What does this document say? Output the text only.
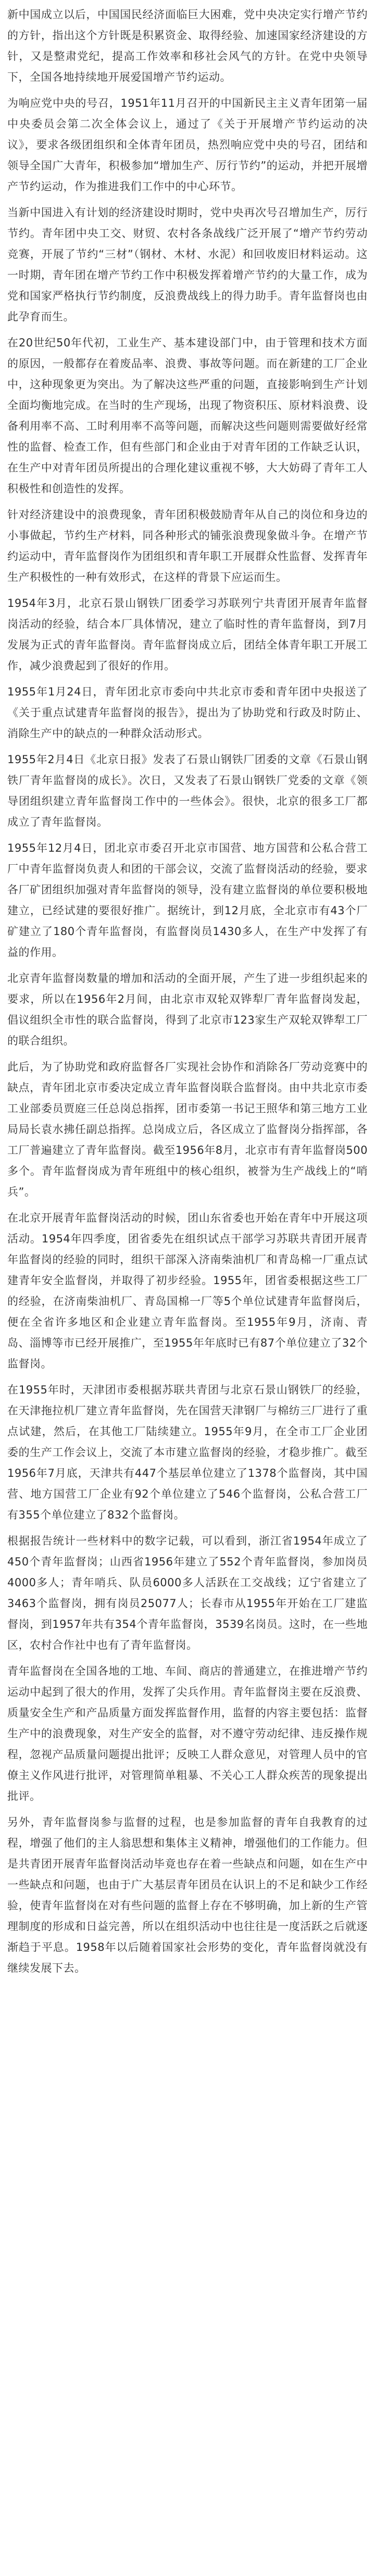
新中国成立以后，中国国民经济面临巨大困难，党中央决定实行增产节约的方针，指出这个方针既是积累资金、取得经验、加速国家经济建设的方针，又是整肃党纪，提高工作效率和移社会风气的方针。在党中央领导下，全国各地持续地开展爱国增产节约运动。

为响应党中央的号召，1951年11月召开的中国新民主主义青年团第一届中央委员会第二次全体会议上，通过了《关于开展增产节约运动的决议》，要求各级团组织和全体青年团员，热烈响应党中央的号召，团结和领导全国广大青年，积极参加“增加生产、厉行节约”的运动，并把开展增产节约运动，作为推进我们工作中的中心环节。

当新中国进入有计划的经济建设时期时，党中央再次号召增加生产，厉行节约。青年团中央工交、财贸、农村各条战线广泛开展了“增产节约劳动竞赛，开展了节约“三材”（钢材、木材、水泥）和回收废旧材料运动。这一时期，青年团在增产节约工作中积极发挥着增产节约的大量工作，成为党和国家严格执行节约制度，反浪费战线上的得力助手。青年监督岗也由此孕育而生。

在20世纪50年代初，工业生产、基本建设部门中，由于管理和技术方面的原因，一般都存在着废品率、浪费、事故等问题。而在新建的工厂企业中，这种现象更为突出。为了解决这些严重的问题，直接影响到生产计划全面均衡地完成。在当时的生产现场，出现了物资积压、原材料浪费、设备利用率不高、工时利用率不高等问题，而解决这些问题则需要做好经常性的监督、检查工作，但有些部门和企业由于对青年团的工作缺乏认识，在生产中对青年团员所提出的合理化建议重视不够，大大妨碍了青年工人积极性和创造性的发挥。

针对经济建设中的浪费现象，青年团积极鼓励青年从自己的岗位和身边的小事做起，节约生产材料，同各种形式的铺张浪费现象做斗争。在增产节约运动中，青年监督岗作为团组织和青年职工开展群众性监督、发挥青年生产积极性的一种有效形式，在这样的背景下应运而生。

1954年3月，北京石景山钢铁厂团委学习苏联列宁共青团开展青年监督岗活动的经验，结合本厂具体情况，建立了临时性的青年监督岗，到7月发展为正式的青年监督岗。青年监督岗成立后，团结全体青年职工开展工作，减少浪费起到了很好的作用。

1955年1月24日，青年团北京市委向中共北京市委和青年团中央报送了《关于重点试建青年监督岗的报告》，提出为了协助党和行政及时防止、消除生产中的缺点的一种群众活动形式。

1955年2月4日《北京日报》发表了石景山钢铁厂团委的文章《石景山钢铁厂青年监督岗的成长》。次日，又发表了石景山钢铁厂党委的文章《领导团组织建立青年监督岗工作中的一些体会》。很快，北京的很多工厂都成立了青年监督岗。

1955年12月4日，团北京市委召开北京市国营、地方国营和公私合营工厂中青年监督岗负责人和团的干部会议，交流了监督岗活动的经验，要求各厂矿团组织加强对青年监督岗的领导，没有建立监督岗的单位要积极地建立，已经试建的要很好推广。据统计，到12月底，全北京市有43个厂矿建立了180个青年监督岗，有监督岗员1430多人，在生产中发挥了有益的作用。

北京青年监督岗数量的增加和活动的全面开展，产生了进一步组织起来的要求，所以在1956年2月间，由北京市双轮双铧犁厂青年监督岗发起，倡议组织全市性的联合监督岗，得到了北京市123家生产双轮双铧犁工厂的联合组织。

此后，为了协助党和政府监督各厂实现社会协作和消除各厂劳动竞赛中的缺点，青年团北京市委决定成立青年监督岗联合监督岗。由中共北京市委工业部委员贾庭三任总岗总指挥，团市委第一书记王照华和第三地方工业局局长袁水拂任副总指挥。总岗成立后，各区成立了监督岗分指挥部，各工厂普遍建立了青年监督岗。截至1956年8月，北京市有青年监督岗500多个。青年监督岗成为青年班组中的核心组织，被誉为生产战线上的“哨兵”。

在北京开展青年监督岗活动的时候，团山东省委也开始在青年中开展这项活动。1954年四季度，团省委先在组织试点干部学习苏联共青团开展青年监督岗的经验的同时，组织干部深入济南柴油机厂和青岛棉一厂重点试建青年安全监督岗，并取得了初步经验。1955年，团省委根据这些工厂的经验，在济南柴油机厂、青岛国棉一厂等5个单位试建青年监督岗后，便在全省许多地区和企业建立青年监督岗。至1955年9月，济南、青岛、淄博等市已经开展推广，至1955年年底时已有87个单位建立了32个监督岗。

在1955年时，天津团市委根据苏联共青团与北京石景山钢铁厂的经验，在天津拖拉机厂建立青年监督岗，先在国营天津钢厂与棉纺三厂进行了重点试建，然后，在其他工厂陆续建立。1955年9月，在全市工厂企业团委的生产工作会议上，交流了本市建立监督岗的经验，才稳步推广。截至1956年7月底，天津共有447个基层单位建立了1378个监督岗，其中国营、地方国营工厂企业有92个单位建立了546个监督岗，公私合营工厂有355个单位建立了832个监督岗。

根据报告统计一些材料中的数字记载，可以看到，浙江省1954年成立了450个青年监督岗；山西省1956年建立了552个青年监督岗，参加岗员4000多人；青年哨兵、队员6000多人活跃在工交战线；辽宁省建立了3463个监督岗，拥有岗员25077人；长春市从1955年开始在工厂建监督岗，到1957年共有354个青年监督岗，3539名岗员。这时，在一些地区，农村合作社中也有了青年监督岗。

青年监督岗在全国各地的工地、车间、商店的普通建立，在推进增产节约运动中起到了很大的作用，发挥了尖兵作用。青年监督岗主要在反浪费、质量安全生产和产品质量方面发挥监督作用，监督的内容主要包括：监督生产中的浪费现象，对生产安全的监督，对不遵守劳动纪律、违反操作规程，忽视产品质量问题提出批评；反映工人群众意见，对管理人员中的官僚主义作风进行批评，对管理简单粗暴、不关心工人群众疾苦的现象提出批评。

另外，青年监督岗参与监督的过程，也是参加监督的青年自我教育的过程，增强了他们的主人翁思想和集体主义精神，增强他们的工作能力。但是共青团开展青年监督岗活动毕竟也存在着一些缺点和问题，如在生产中一些缺点和问题，也由于广大基层青年团员在认识上的不足和缺少工作经验，使青年监督岗在对有些问题的监督上存在不够明确，加上新的生产管理制度的形成和日益完善，所以在组织活动中也往往是一度活跃之后就逐渐趋于平息。1958年以后随着国家社会形势的变化，青年监督岗就没有继续发展下去。
